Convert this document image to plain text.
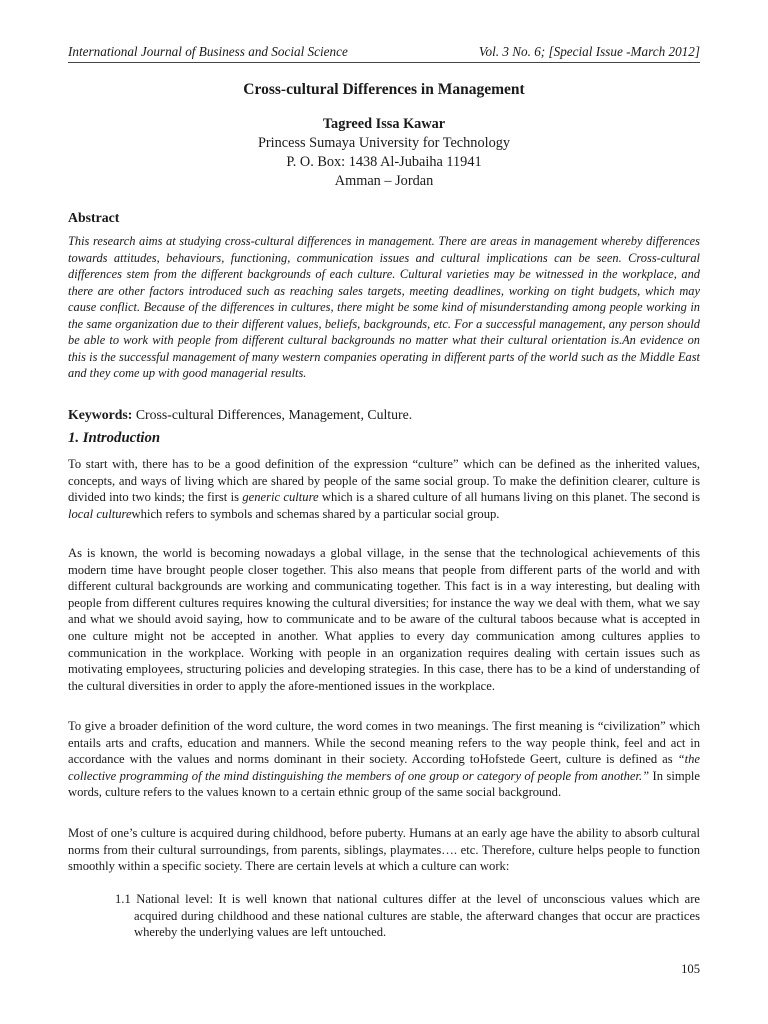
International Journal of Business and Social Science	Vol. 3 No. 6; [Special Issue -March 2012]
Cross-cultural Differences in Management
Tagreed Issa Kawar
Princess Sumaya University for Technology
P. O. Box: 1438 Al-Jubaiha 11941
Amman – Jordan
Abstract

This research aims at studying cross-cultural differences in management. There are areas in management whereby differences towards attitudes, behaviours, functioning, communication issues and cultural implications can be seen. Cross-cultural differences stem from the different backgrounds of each culture. Cultural varieties may be witnessed in the workplace, and there are other factors introduced such as reaching sales targets, meeting deadlines, working on tight budgets, which may cause conflict. Because of the differences in cultures, there might be some kind of misunderstanding among people working in the same organization due to their different values, beliefs, backgrounds, etc. For a successful management, any person should be able to work with people from different cultural backgrounds no matter what their cultural orientation is.An evidence on this is the successful management of many western companies operating in different parts of the world such as the Middle East and they come up with good managerial results.

Keywords: Cross-cultural Differences, Management, Culture.

1. Introduction

To start with, there has to be a good definition of the expression “culture” which can be defined as the inherited values, concepts, and ways of living which are shared by people of the same social group. To make the definition clearer, culture is divided into two kinds; the first is generic culture which is a shared culture of all humans living on this planet. The second is local culturewhich refers to symbols and schemas shared by a particular social group.

As is known, the world is becoming nowadays a global village, in the sense that the technological achievements of this modern time have brought people closer together. This also means that people from different parts of the world and with different cultural backgrounds are working and communicating together. This fact is in a way interesting, but dealing with people from different cultures requires knowing the cultural diversities; for instance the way we deal with them, what we say and what we should avoid saying, how to communicate and to be aware of the cultural taboos because what is accepted in one culture might not be accepted in another. What applies to every day communication among cultures applies to communication in the workplace. Working with people in an organization requires dealing with certain issues such as motivating employees, structuring policies and developing strategies. In this case, there has to be a kind of understanding of the cultural diversities in order to apply the afore-mentioned issues in the workplace.

To give a broader definition of the word culture, the word comes in two meanings. The first meaning is “civilization” which entails arts and crafts, education and manners. While the second meaning refers to the way people think, feel and act in accordance with the values and norms dominant in their society. According toHofstede Geert, culture is defined as “the collective programming of the mind distinguishing the members of one group or category of people from another.” In simple words, culture refers to the values known to a certain ethnic group of the same social background.

Most of one’s culture is acquired during childhood, before puberty. Humans at an early age have the ability to absorb cultural norms from their cultural surroundings, from parents, siblings, playmates…. etc. Therefore, culture helps people to function smoothly within a specific society. There are certain levels at which a culture can work:

1.1 National level: It is well known that national cultures differ at the level of unconscious values which are acquired during childhood and these national cultures are stable, the afterward changes that occur are practices whereby the underlying values are left untouched.

105
